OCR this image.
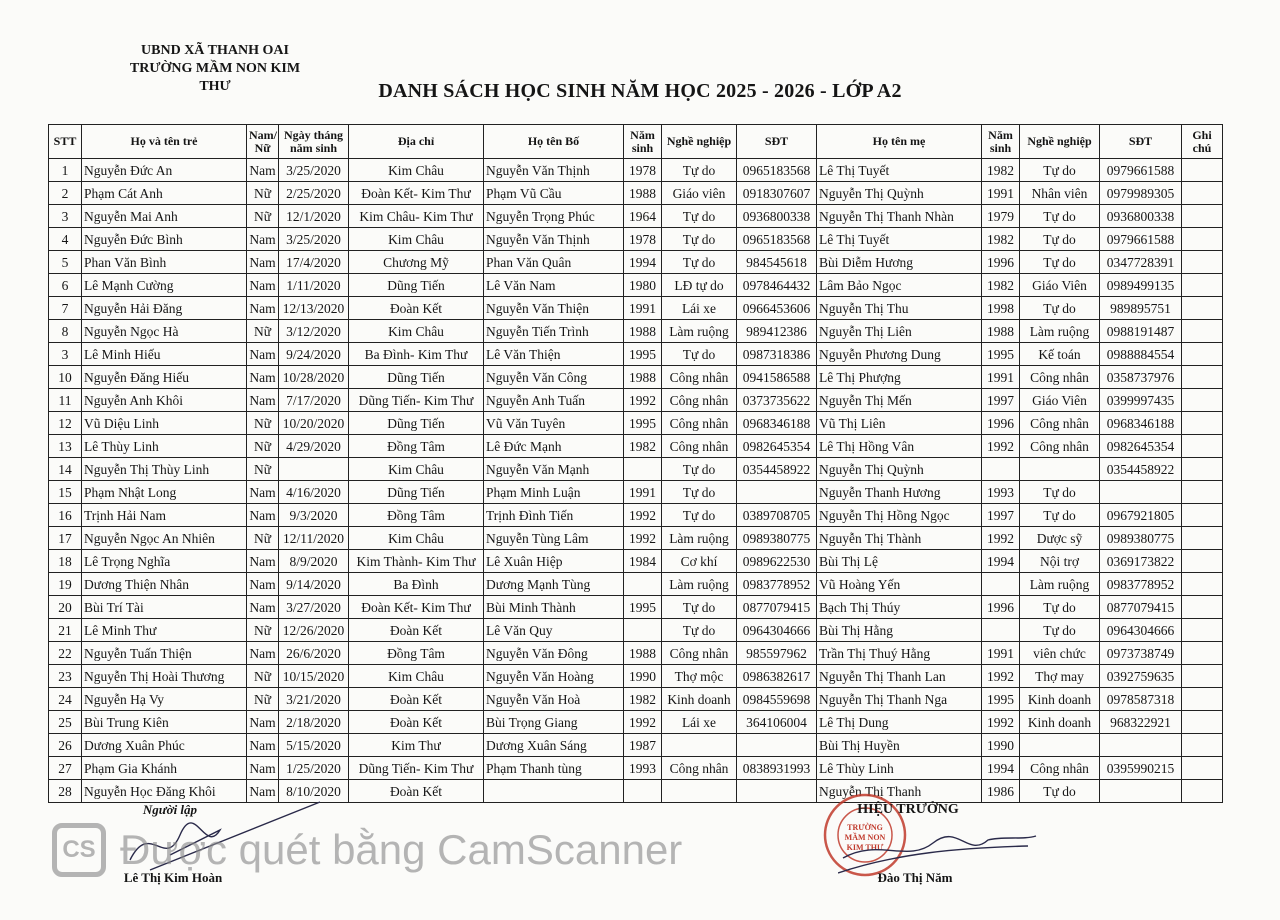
UBND XÃ THANH OAI
TRƯỜNG MẦM NON KIM THƯ	DANH SÁCH HỌC SINH NĂM HỌC 2025 - 2026 - LỚP A2
STT	Họ và tên trẻ	Nam/ Nữ	Ngày tháng năm sinh	Địa chỉ	Họ tên Bố	Năm sinh	Nghề nghiệp	SĐT	Họ tên mẹ	Năm sinh	Nghề nghiệp	SĐT	Ghi chú
1	Nguyễn Đức An	Nam	3/25/2020	Kim Châu	Nguyễn Văn Thịnh	1978	Tự do	0965183568	Lê Thị Tuyết	1982	Tự do	0979661588	
2	Phạm Cát Anh	Nữ	2/25/2020	Đoàn Kết- Kim Thư	Phạm Vũ Cầu	1988	Giáo viên	0918307607	Nguyễn Thị Quỳnh	1991	Nhân viên	0979989305	
3	Nguyễn Mai Anh	Nữ	12/1/2020	Kim Châu- Kim Thư	Nguyễn Trọng Phúc	1964	Tự do	0936800338	Nguyễn Thị Thanh Nhàn	1979	Tự do	0936800338	
4	Nguyễn Đức Bình	Nam	3/25/2020	Kim Châu	Nguyễn Văn Thịnh	1978	Tự do	0965183568	Lê Thị Tuyết	1982	Tự do	0979661588	
5	Phan Văn Bình	Nam	17/4/2020	Chương Mỹ	Phan Văn Quân	1994	Tự do	984545618	Bùi Diễm Hương	1996	Tự do	0347728391	
6	Lê Mạnh Cường	Nam	1/11/2020	Dũng Tiến	Lê Văn Nam	1980	LĐ tự do	0978464432	Lâm Bảo Ngọc	1982	Giáo Viên	0989499135	
7	Nguyễn Hải Đăng	Nam	12/13/2020	Đoàn Kết	Nguyễn Văn Thiện	1991	Lái xe	0966453606	Nguyễn Thị Thu	1998	Tự do	989895751	
8	Nguyễn Ngọc Hà	Nữ	3/12/2020	Kim Châu	Nguyễn Tiến Trình	1988	Làm ruộng	989412386	Nguyễn Thị Liên	1988	Làm ruộng	0988191487	
3	Lê Minh Hiếu	Nam	9/24/2020	Ba Đình- Kim Thư	Lê Văn Thiện	1995	Tự do	0987318386	Nguyễn Phương Dung	1995	Kế toán	0988884554	
10	Nguyễn Đăng Hiếu	Nam	10/28/2020	Dũng Tiến	Nguyễn Văn Công	1988	Công nhân	0941586588	Lê Thị Phượng	1991	Công nhân	0358737976	
11	Nguyễn Anh Khôi	Nam	7/17/2020	Dũng Tiến- Kim Thư	Nguyễn Anh Tuấn	1992	Công nhân	0373735622	Nguyễn Thị Mến	1997	Giáo Viên	0399997435	
12	Vũ Diệu Linh	Nữ	10/20/2020	Dũng Tiến	Vũ Văn Tuyên	1995	Công nhân	0968346188	Vũ Thị Liên	1996	Công nhân	0968346188	
13	Lê Thùy Linh	Nữ	4/29/2020	Đồng Tâm	Lê Đức Mạnh	1982	Công nhân	0982645354	Lê Thị Hồng Vân	1992	Công nhân	0982645354	
14	Nguyễn Thị Thùy Linh	Nữ		Kim Châu	Nguyễn Văn Mạnh		Tự do	0354458922	Nguyễn Thị Quỳnh			0354458922	
15	Phạm Nhật Long	Nam	4/16/2020	Dũng Tiến	Phạm Minh Luận	1991	Tự do		Nguyễn Thanh Hương	1993	Tự do		
16	Trịnh Hải Nam	Nam	9/3/2020	Đồng Tâm	Trịnh Đình Tiến	1992	Tự do	0389708705	Nguyễn Thị Hồng Ngọc	1997	Tự do	0967921805	
17	Nguyễn Ngọc An Nhiên	Nữ	12/11/2020	Kim Châu	Nguyễn Tùng Lâm	1992	Làm ruộng	0989380775	Nguyễn Thị Thành	1992	Dược sỹ	0989380775	
18	Lê Trọng Nghĩa	Nam	8/9/2020	Kim Thành- Kim Thư	Lê Xuân Hiệp	1984	Cơ khí	0989622530	Bùi Thị Lệ	1994	Nội trợ	0369173822	
19	Dương Thiện Nhân	Nam	9/14/2020	Ba Đình	Dương Mạnh Tùng		Làm ruộng	0983778952	Vũ Hoàng Yến		Làm ruộng	0983778952	
20	Bùi Trí Tài	Nam	3/27/2020	Đoàn Kết- Kim Thư	Bùi Minh Thành	1995	Tự do	0877079415	Bạch Thị Thúy	1996	Tự do	0877079415	
21	Lê Minh Thư	Nữ	12/26/2020	Đoàn Kết	Lê Văn Quy		Tự do	0964304666	Bùi Thị Hằng		Tự do	0964304666	
22	Nguyễn Tuấn Thiện	Nam	26/6/2020	Đồng Tâm	Nguyễn Văn Đông	1988	Công nhân	985597962	Trần Thị Thuý Hằng	1991	viên chức	0973738749	
23	Nguyễn Thị Hoài Thương	Nữ	10/15/2020	Kim Châu	Nguyễn Văn Hoàng	1990	Thợ mộc	0986382617	Nguyễn Thị Thanh Lan	1992	Thợ may	0392759635	
24	Nguyễn Hạ Vy	Nữ	3/21/2020	Đoàn Kết	Nguyễn Văn Hoà	1982	Kinh doanh	0984559698	Nguyễn Thị Thanh Nga	1995	Kinh doanh	0978587318	
25	Bùi Trung Kiên	Nam	2/18/2020	Đoàn Kết	Bùi Trọng Giang	1992	Lái xe	364106004	Lê Thị Dung	1992	Kinh doanh	968322921	
26	Dương Xuân Phúc	Nam	5/15/2020	Kim Thư	Dương Xuân Sáng	1987			Bùi Thị Huyền	1990			
27	Phạm Gia Khánh	Nam	1/25/2020	Dũng Tiến- Kim Thư	Phạm Thanh tùng	1993	Công nhân	0838931993	Lê Thùy Linh	1994	Công nhân	0395990215	
28	Nguyễn Học Đăng Khôi	Nam	8/10/2020	Đoàn Kết					Nguyễn Thị Thanh	1986	Tự do		
Người lập
Lê Thị Kim Hoàn
TRƯỜNG
MẦM NON
KIM THƯ
HIỆU TRƯỞNG
Đào Thị Năm
CS Được quét bằng CamScanner
